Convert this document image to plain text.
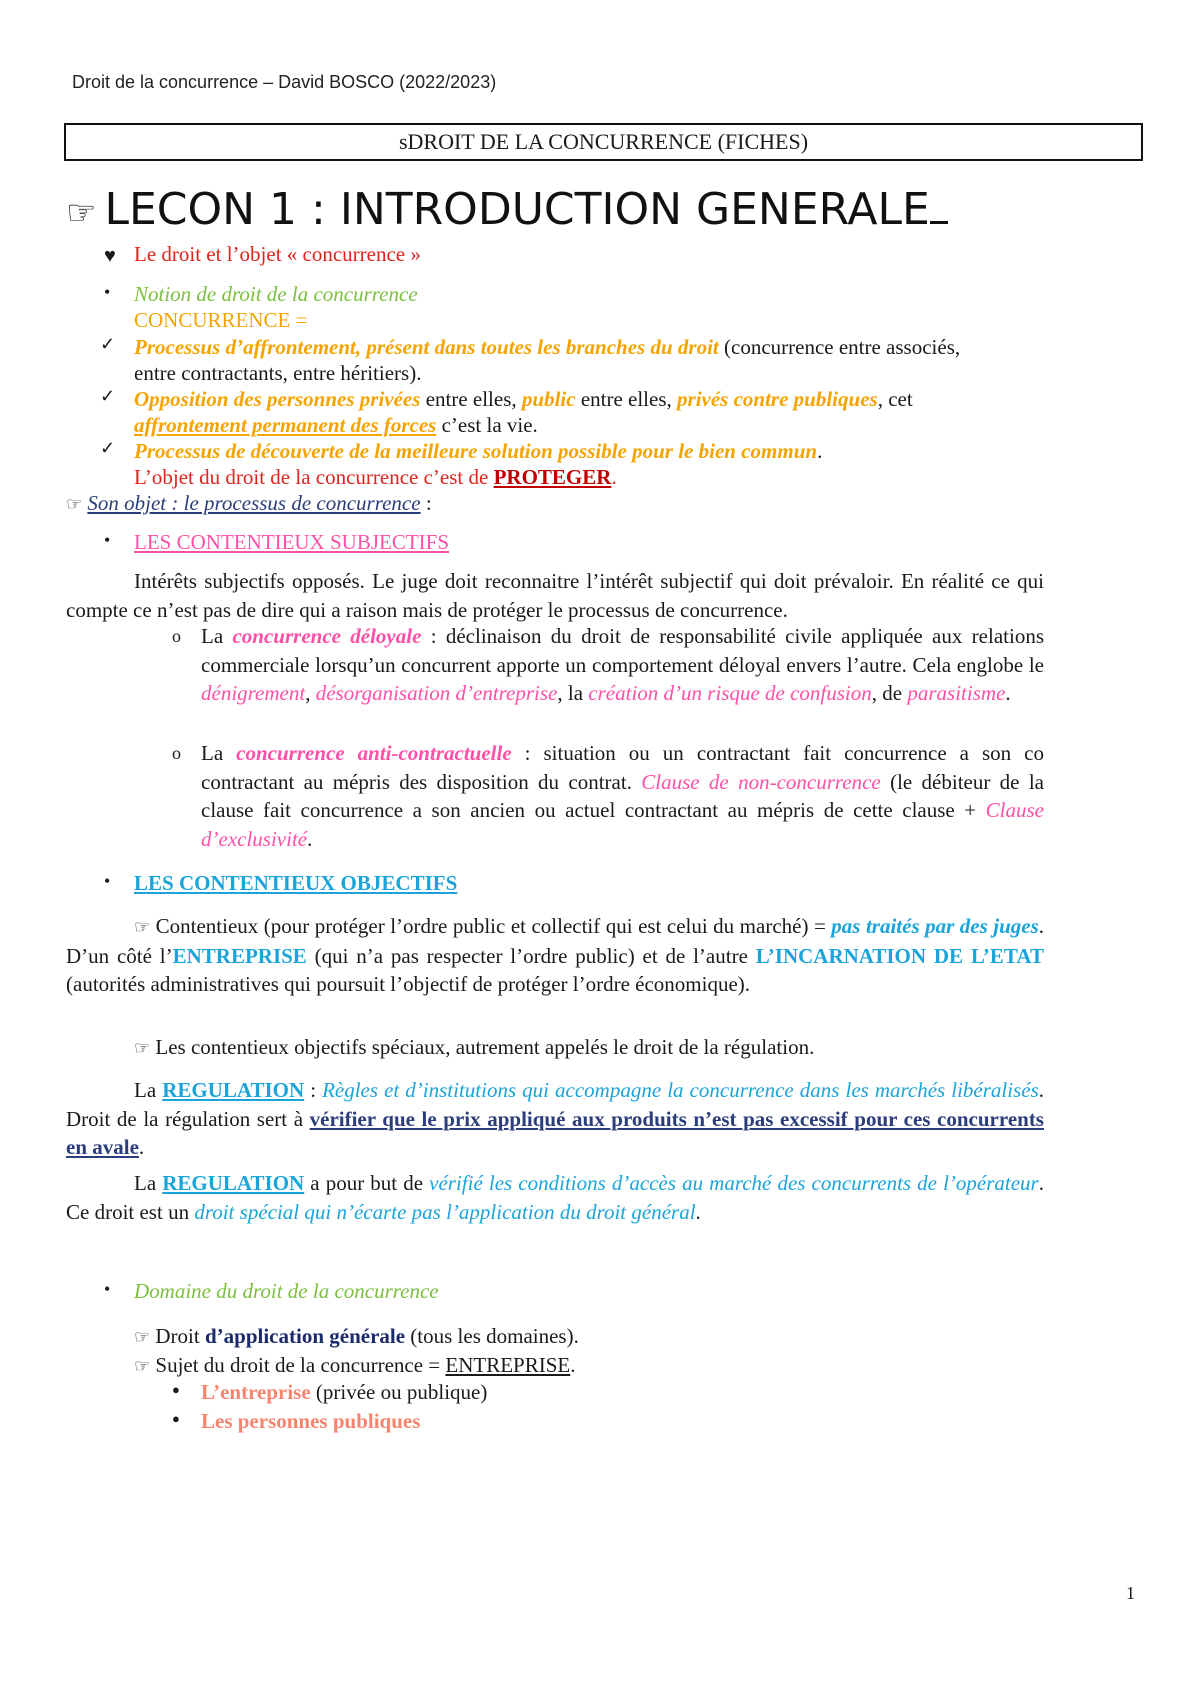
Droit de la concurrence – David BOSCO (2022/2023)
sDROIT DE LA CONCURRENCE (FICHES)
☞ LECON 1 : INTRODUCTION GENERALE
♥ Le droit et l’objet « concurrence »
• Notion de droit de la concurrence
CONCURRENCE =
✓ Processus d’affrontement, présent dans toutes les branches du droit (concurrence entre associés,
entre contractants, entre héritiers).
✓ Opposition des personnes privées entre elles, public entre elles, privés contre publiques, cet
affrontement permanent des forces c’est la vie.
✓ Processus de découverte de la meilleure solution possible pour le bien commun.
L’objet du droit de la concurrence c’est de PROTEGER.
☞ Son objet : le processus de concurrence :
• LES CONTENTIEUX SUBJECTIFS
Intérêts subjectifs opposés. Le juge doit reconnaitre l’intérêt subjectif qui doit prévaloir. En réalité ce qui compte ce n’est pas de dire qui a raison mais de protéger le processus de concurrence.
o La concurrence déloyale : déclinaison du droit de responsabilité civile appliquée aux relations commerciale lorsqu’un concurrent apporte un comportement déloyal envers l’autre. Cela englobe le dénigrement, désorganisation d’entreprise, la création d’un risque de confusion, de parasitisme.
o La concurrence anti-contractuelle : situation ou un contractant fait concurrence a son co contractant au mépris des disposition du contrat. Clause de non-concurrence (le débiteur de la clause fait concurrence a son ancien ou actuel contractant au mépris de cette clause + Clause d’exclusivité.
• LES CONTENTIEUX OBJECTIFS
☞ Contentieux (pour protéger l’ordre public et collectif qui est celui du marché) = pas traités par des juges. D’un côté l’ENTREPRISE (qui n’a pas respecter l’ordre public) et de l’autre L’INCARNATION DE L’ETAT (autorités administratives qui poursuit l’objectif de protéger l’ordre économique).
☞ Les contentieux objectifs spéciaux, autrement appelés le droit de la régulation.
La REGULATION : Règles et d’institutions qui accompagne la concurrence dans les marchés libéralisés. Droit de la régulation sert à vérifier que le prix appliqué aux produits n’est pas excessif pour ces concurrents en avale.
La REGULATION a pour but de vérifié les conditions d’accès au marché des concurrents de l’opérateur. Ce droit est un droit spécial qui n’écarte pas l’application du droit général.
• Domaine du droit de la concurrence
☞ Droit d’application générale (tous les domaines).
☞ Sujet du droit de la concurrence = ENTREPRISE.
● L’entreprise (privée ou publique)
● Les personnes publiques
1
